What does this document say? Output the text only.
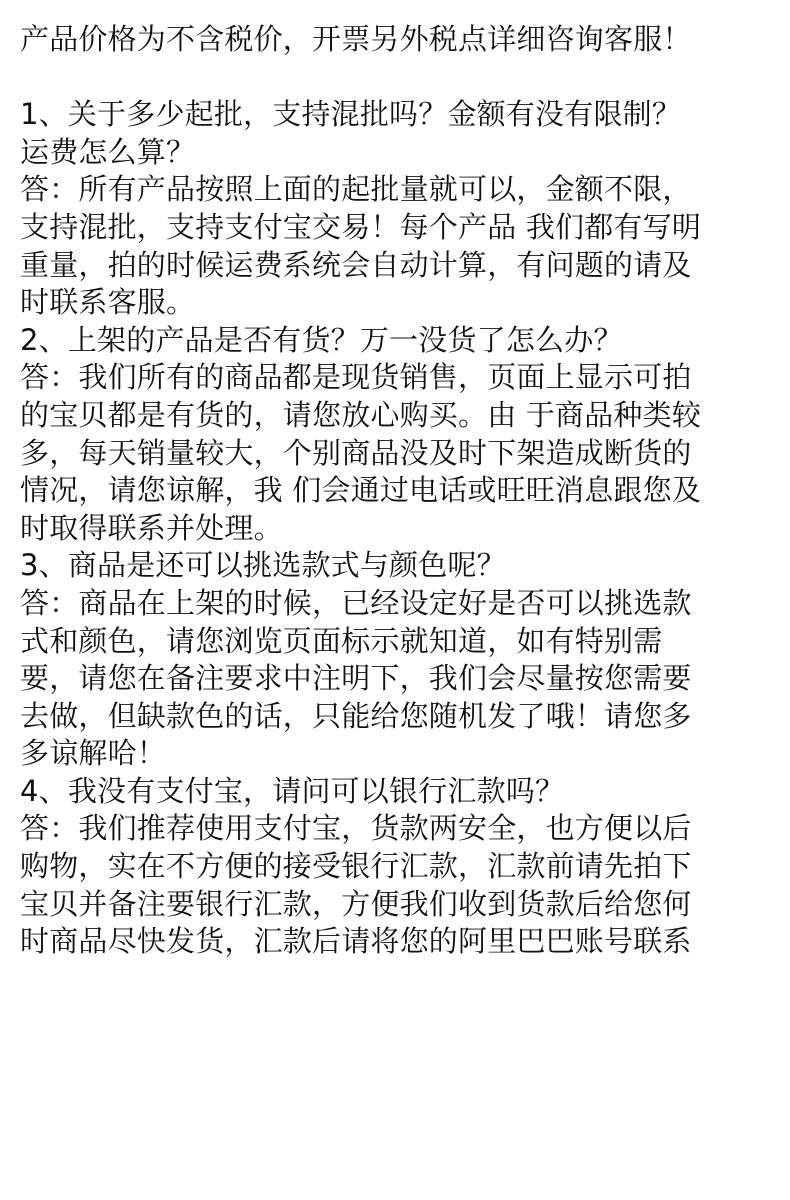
产品价格为不含税价，开票另外税点详细咨询客服！
1、关于多少起批，支持混批吗？金额有没有限制？
运费怎么算？
答：所有产品按照上面的起批量就可以，金额不限，
支持混批，支持支付宝交易！每个产品 我们都有写明
重量，拍的时候运费系统会自动计算，有问题的请及
时联系客服。
2、上架的产品是否有货？万一没货了怎么办？
答：我们所有的商品都是现货销售，页面上显示可拍
的宝贝都是有货的，请您放心购买。由 于商品种类较
多，每天销量较大，个别商品没及时下架造成断货的
情况，请您谅解，我 们会通过电话或旺旺消息跟您及
时取得联系并处理。
3、商品是还可以挑选款式与颜色呢？
答：商品在上架的时候，已经设定好是否可以挑选款
式和颜色，请您浏览页面标示就知道，如有特别需
要，请您在备注要求中注明下，我们会尽量按您需要
去做，但缺款色的话，只能给您随机发了哦！请您多
多谅解哈！
4、我没有支付宝，请问可以银行汇款吗？
答：我们推荐使用支付宝，货款两安全，也方便以后
购物，实在不方便的接受银行汇款，汇款前请先拍下
宝贝并备注要银行汇款，方便我们收到货款后给您何
时商品尽快发货，汇款后请将您的阿里巴巴账号联系
